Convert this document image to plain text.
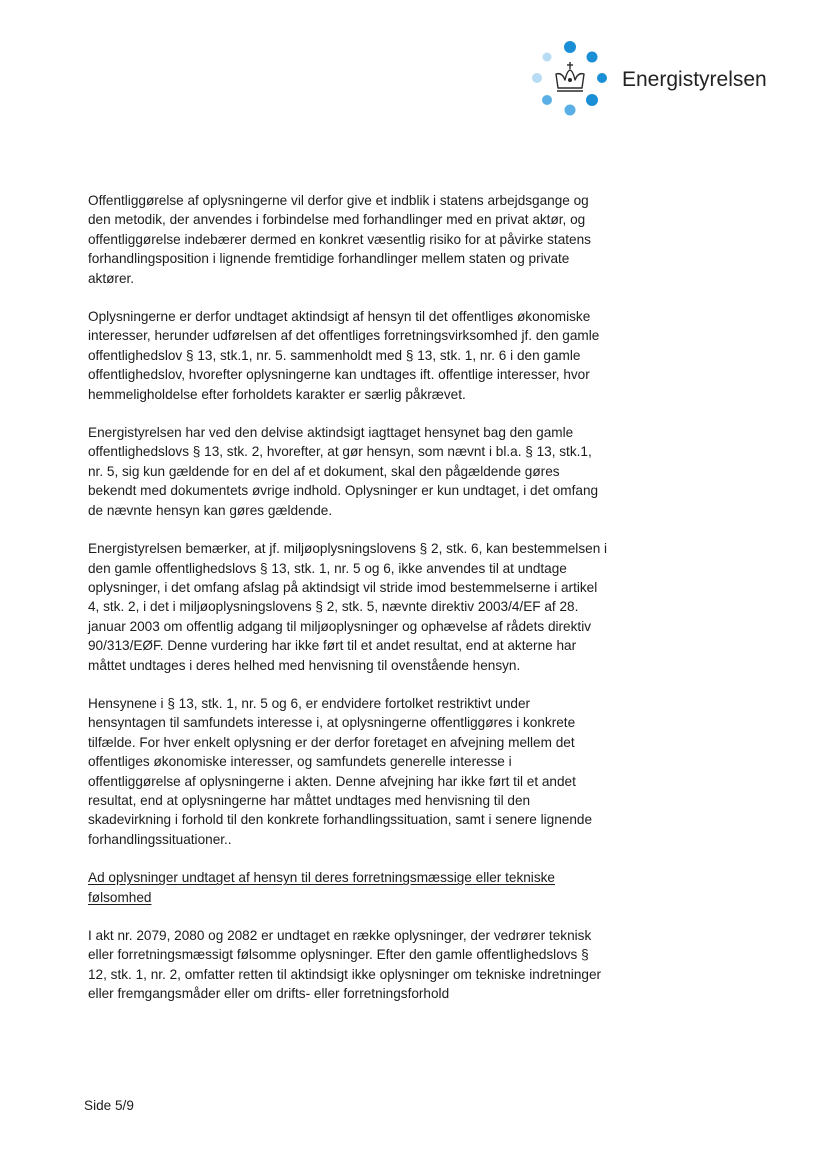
Energistyrelsen

Offentliggørelse af oplysningerne vil derfor give et indblik i statens arbejdsgange og den metodik, der anvendes i forbindelse med forhandlinger med en privat aktør, og offentliggørelse indebærer dermed en konkret væsentlig risiko for at påvirke statens forhandlingsposition i lignende fremtidige forhandlinger mellem staten og private aktører.

Oplysningerne er derfor undtaget aktindsigt af hensyn til det offentliges økonomiske interesser, herunder udførelsen af det offentliges forretningsvirksomhed jf. den gamle offentlighedslov § 13, stk.1, nr. 5. sammenholdt med § 13, stk. 1, nr. 6 i den gamle offentlighedslov, hvorefter oplysningerne kan undtages ift. offentlige interesser, hvor hemmeligholdelse efter forholdets karakter er særlig påkrævet.

Energistyrelsen har ved den delvise aktindsigt iagttaget hensynet bag den gamle offentlighedslovs § 13, stk. 2, hvorefter, at gør hensyn, som nævnt i bl.a. § 13, stk.1, nr. 5, sig kun gældende for en del af et dokument, skal den pågældende gøres bekendt med dokumentets øvrige indhold. Oplysninger er kun undtaget, i det omfang de nævnte hensyn kan gøres gældende.

Energistyrelsen bemærker, at jf. miljøoplysningslovens § 2, stk. 6, kan bestemmelsen i den gamle offentlighedslovs § 13, stk. 1, nr. 5 og 6, ikke anvendes til at undtage oplysninger, i det omfang afslag på aktindsigt vil stride imod bestemmelserne i artikel 4, stk. 2, i det i miljøoplysningslovens § 2, stk. 5, nævnte direktiv 2003/4/EF af 28. januar 2003 om offentlig adgang til miljøoplysninger og ophævelse af rådets direktiv 90/313/EØF. Denne vurdering har ikke ført til et andet resultat, end at akterne har måttet undtages i deres helhed med henvisning til ovenstående hensyn.

Hensynene i § 13, stk. 1, nr. 5 og 6, er endvidere fortolket restriktivt under hensyntagen til samfundets interesse i, at oplysningerne offentliggøres i konkrete tilfælde. For hver enkelt oplysning er der derfor foretaget en afvejning mellem det offentliges økonomiske interesser, og samfundets generelle interesse i offentliggørelse af oplysningerne i akten. Denne afvejning har ikke ført til et andet resultat, end at oplysningerne har måttet undtages med henvisning til den skadevirkning i forhold til den konkrete forhandlingssituation, samt i senere lignende forhandlingssituationer..

Ad oplysninger undtaget af hensyn til deres forretningsmæssige eller tekniske følsomhed

I akt nr. 2079, 2080 og 2082 er undtaget en række oplysninger, der vedrører teknisk eller forretningsmæssigt følsomme oplysninger. Efter den gamle offentlighedslovs § 12, stk. 1, nr. 2, omfatter retten til aktindsigt ikke oplysninger om tekniske indretninger eller fremgangsmåder eller om drifts- eller forretningsforhold

Side 5/9
